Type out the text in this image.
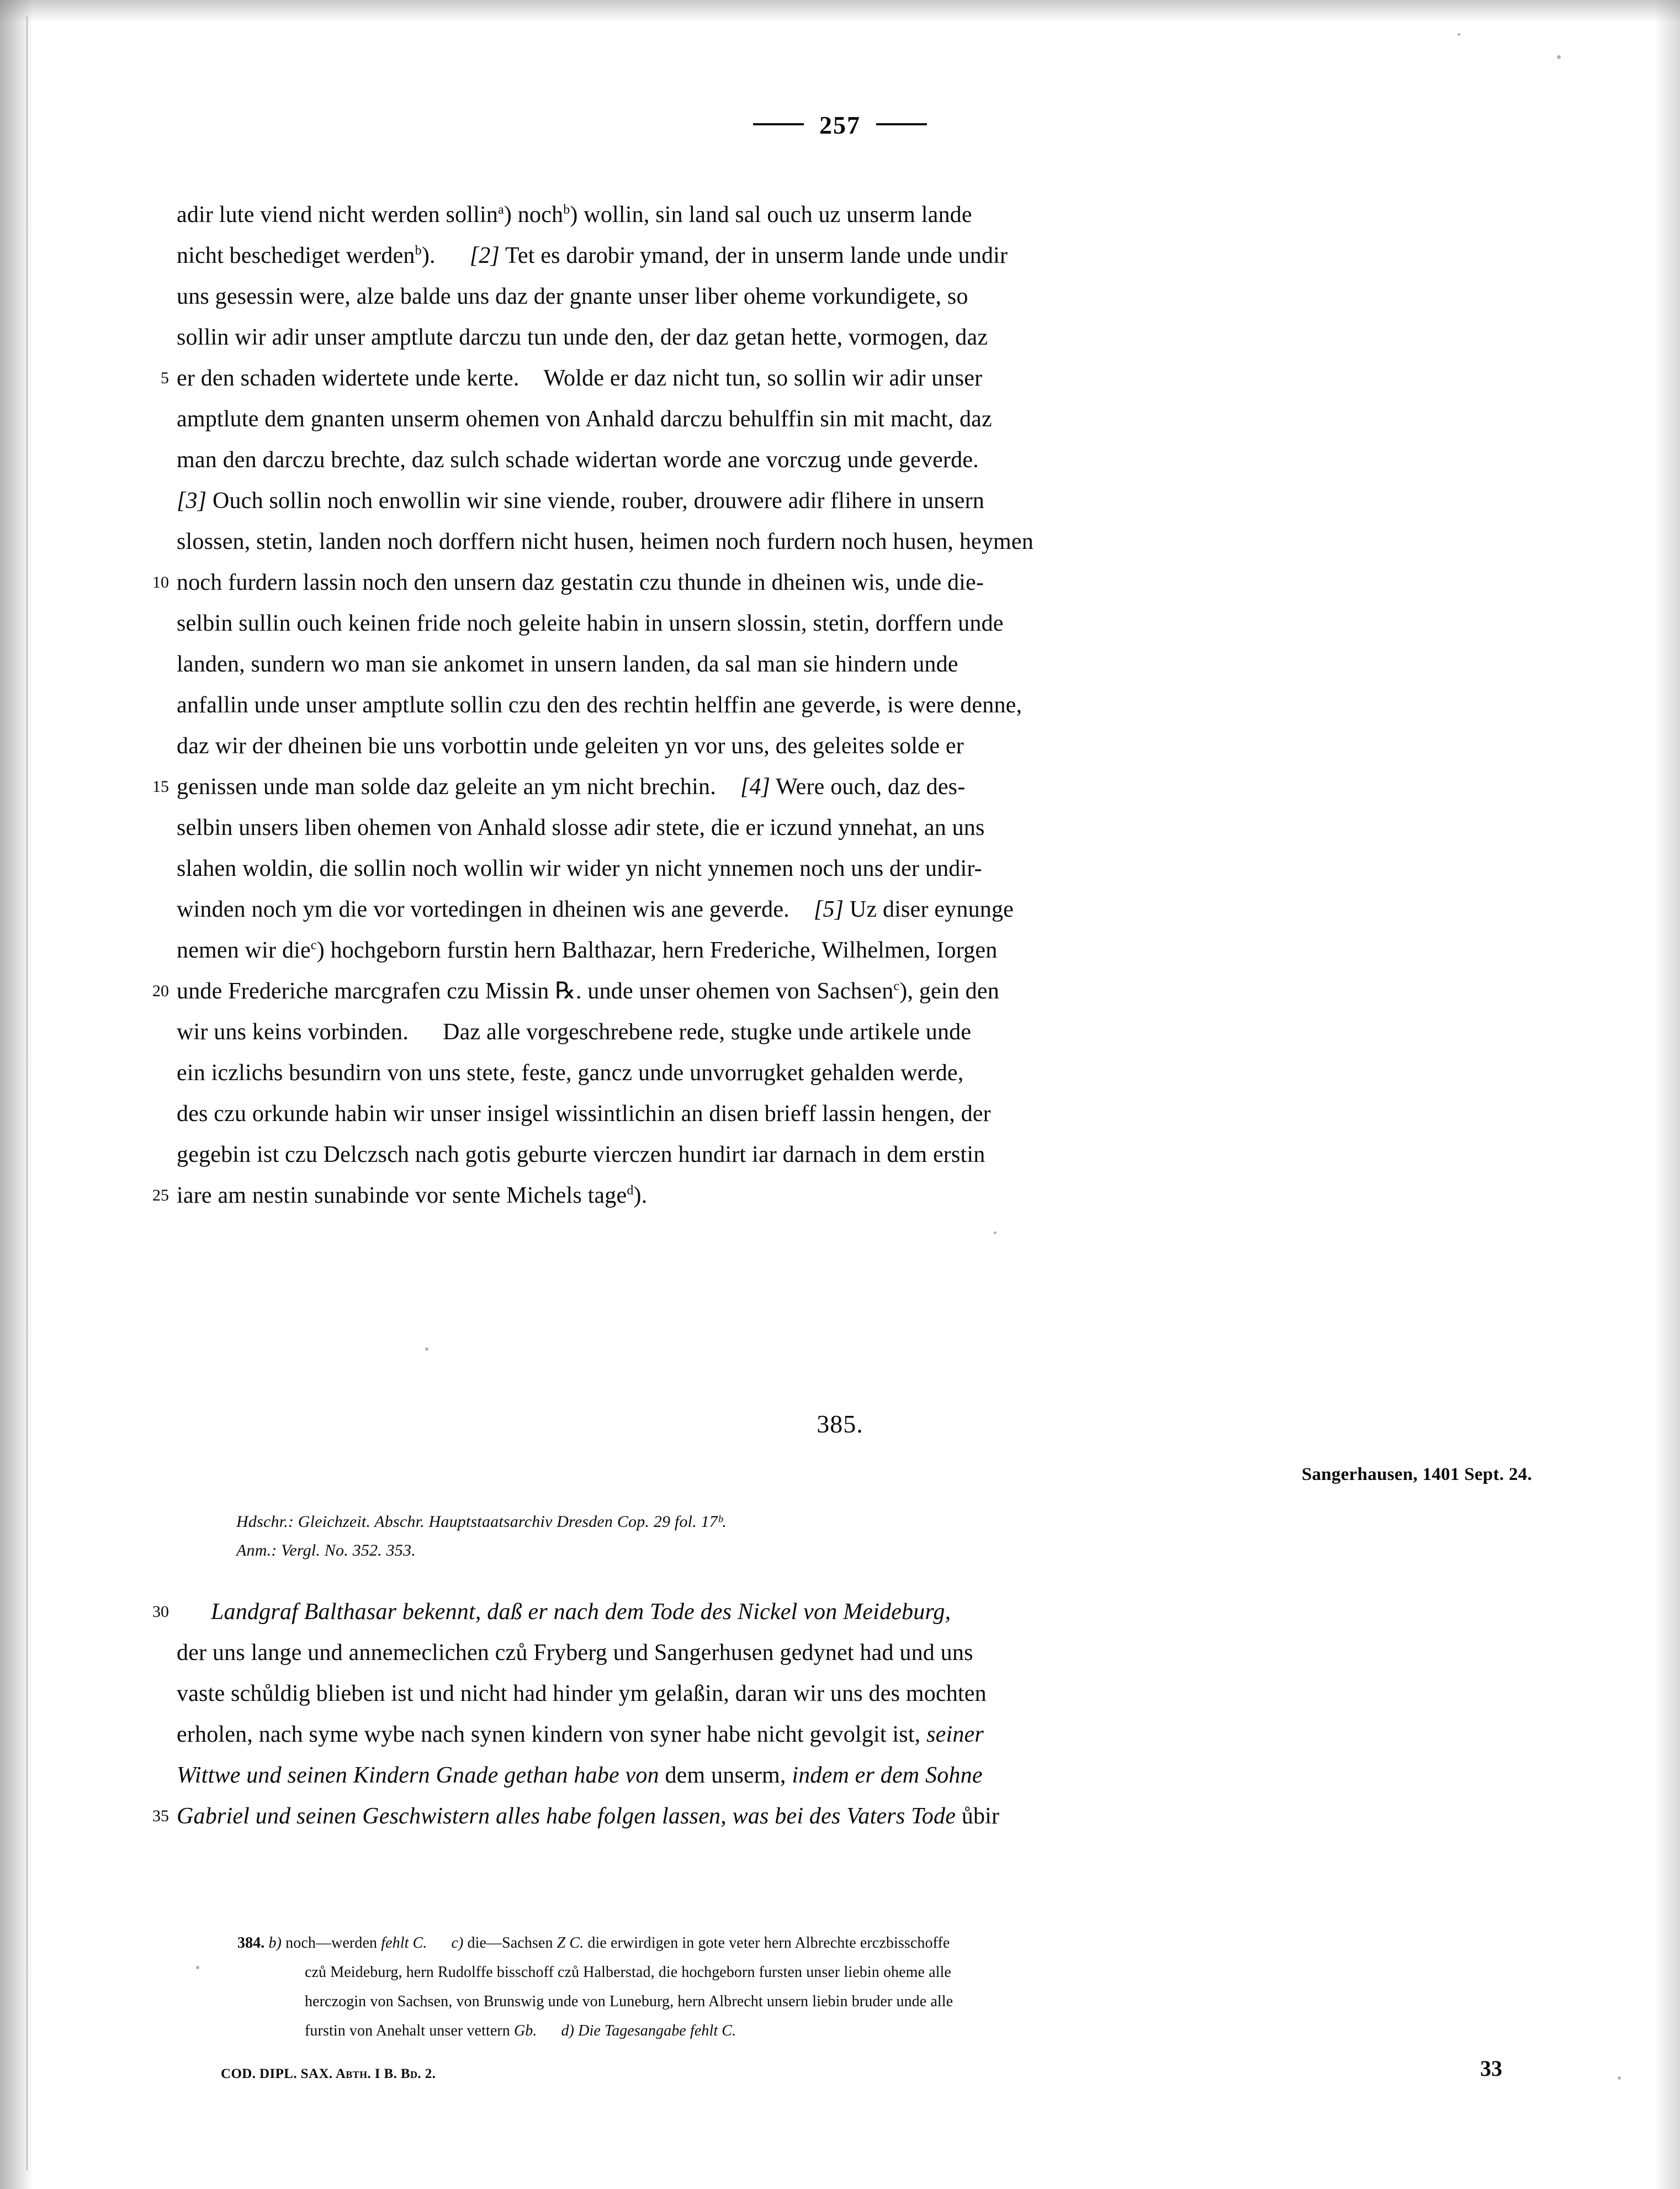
257
adir lute viend nicht werden sollin$^a$) noch$^b$) wollin, sin land sal ouch uz unserm lande
nicht beschediget werden$^b$). [2] Tet es darobir ymand, der in unserm lande unde undir
uns gesessin were, alze balde uns daz der gnante unser liber oheme vorkundigete, so
sollin wir adir unser amptlute darczu tun unde den, der daz getan hette, vormogen, daz
5 er den schaden widertete unde kerte. Wolde er daz nicht tun, so sollin wir adir unser
amptlute dem gnanten unserm ohemen von Anhald darczu behulffin sin mit macht, daz
man den darczu brechte, daz sulch schade widertan worde ane vorczug unde geverde.
[3] Ouch sollin noch enwollin wir sine viende, rouber, drouwere adir flihere in unsern
slossen, stetin, landen noch dorffern nicht husen, heimen noch furdern noch husen, heymen
10 noch furdern lassin noch den unsern daz gestatin czu thunde in dheinen wis, unde die-
selbin sullin ouch keinen fride noch geleite habin in unsern slossin, stetin, dorffern unde
landen, sundern wo man sie ankomet in unsern landen, da sal man sie hindern unde
anfallin unde unser amptlute sollin czu den des rechtin helffin ane geverde, is were denne,
daz wir der dheinen bie uns vorbottin unde geleiten yn vor uns, des geleites solde er
15 genissen unde man solde daz geleite an ym nicht brechin. [4] Were ouch, daz des-
selbin unsers liben ohemen von Anhald slosse adir stete, die er iczund ynnehat, an uns
slahen woldin, die sollin noch wollin wir wider yn nicht ynnemen noch uns der undir-
winden noch ym die vor vortedingen in dheinen wis ane geverde. [5] Uz diser eynunge
nemen wir die$^c$) hochgeborn furstin hern Balthazar, hern Frederiche, Wilhelmen, Iorgen
20 unde Frederiche marcgrafen czu Missin ℞. unde unser ohemen von Sachsen$^c$), gein den
wir uns keins vorbinden. Daz alle vorgeschrebene rede, stugke unde artikele unde
ein iczlichs besundirn von uns stete, feste, gancz unde unvorrugket gehalden werde,
des czu orkunde habin wir unser insigel wissintlichin an disen brieff lassin hengen, der
gegebin ist czu Delczsch nach gotis geburte vierczen hundirt iar darnach in dem erstin
25 iare am nestin sunabinde vor sente Michels tage$^d$).
385.
Sangerhausen, 1401 Sept. 24.
Hdschr.: Gleichzeit. Abschr. Hauptstaatsarchiv Dresden Cop. 29 fol. 17ᵇ.
Anm.: Vergl. No. 352. 353.
30 Landgraf Balthasar bekennt, daß er nach dem Tode des Nickel von Meideburg,
der uns lange und annemeclichen czů Fryberg und Sangerhusen gedynet had und uns
vaste schůldig blieben ist und nicht had hinder ym gelaßin, daran wir uns des mochten
erholen, nach syme wybe nach synen kindern von syner habe nicht gevolgit ist, seiner
Wittwe und seinen Kindern Gnade gethan habe von dem unserm, indem er dem Sohne
35 Gabriel und seinen Geschwistern alles habe folgen lassen, was bei des Vaters Tode ůbir
384. b) noch—werden fehlt C. c) die—Sachsen Z C. die erwirdigen in gote veter hern Albrechte erczbisschoffe
czů Meideburg, hern Rudolffe bisschoff czů Halberstad, die hochgeborn fursten unser liebin oheme alle
herczogin von Sachsen, von Brunswig unde von Luneburg, hern Albrecht unsern liebin bruder unde alle
furstin von Anehalt unser vettern Gb. d) Die Tagesangabe fehlt C.
COD. DIPL. SAX. Abth. I B. Bd. 2.	33
